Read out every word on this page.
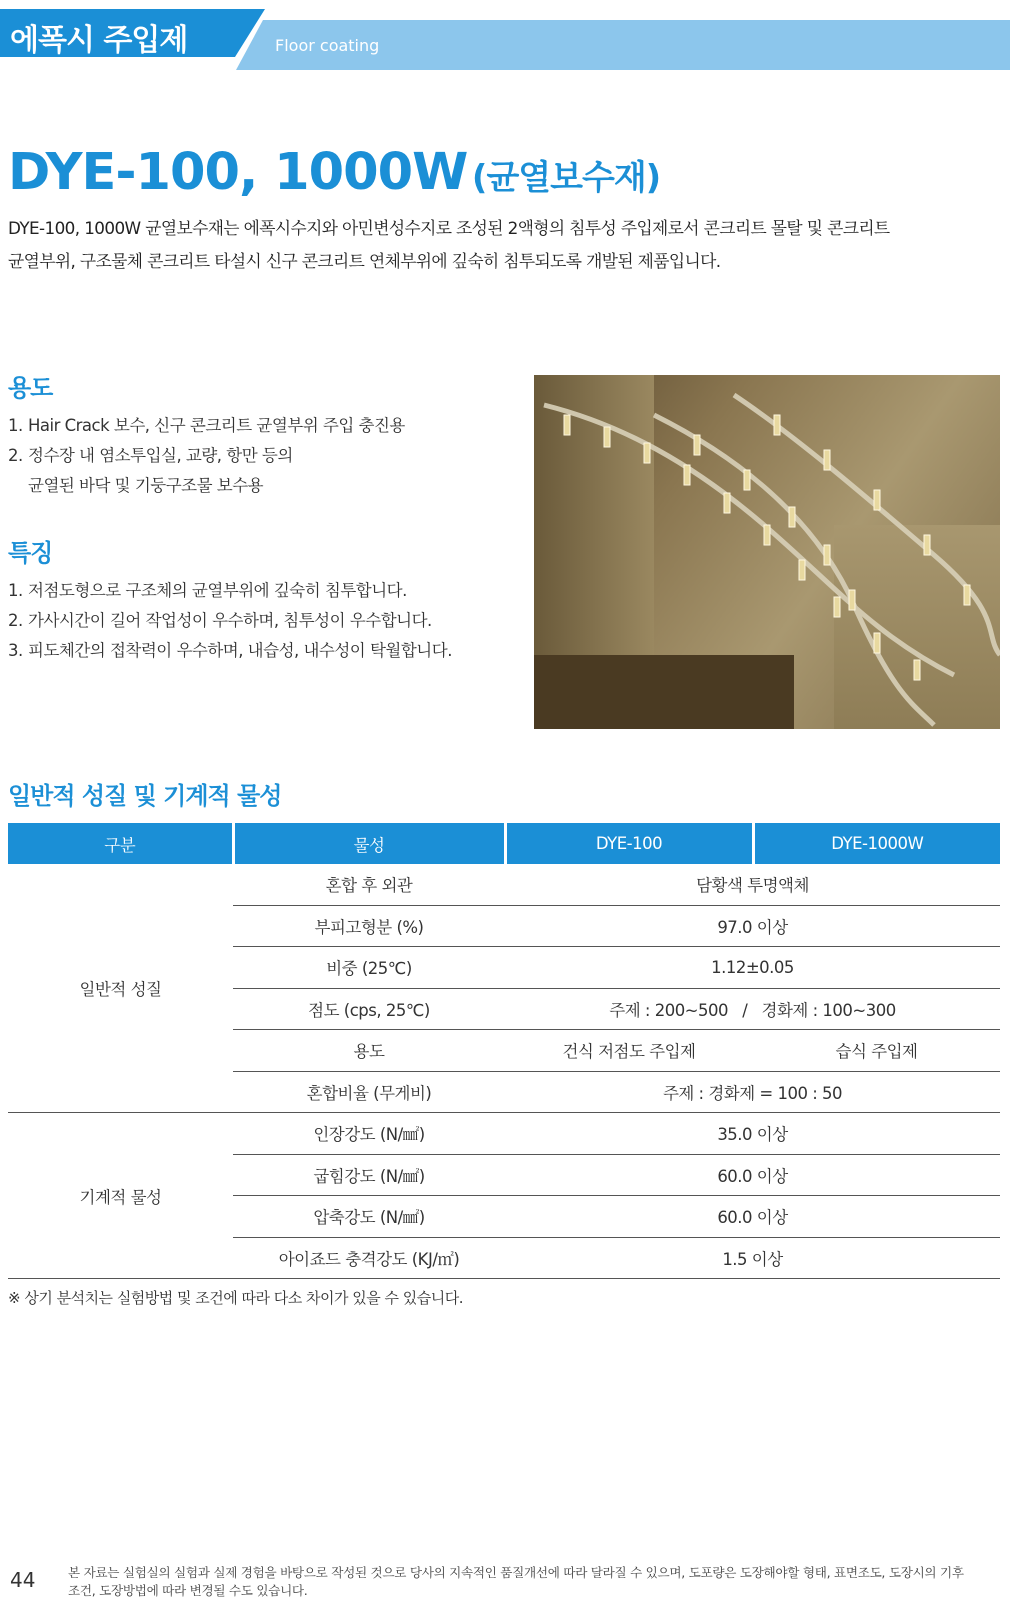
에폭시 주입제	Floor coating
DYE-100, 1000W (균열보수재)
DYE-100, 1000W 균열보수재는 에폭시수지와 아민변성수지로 조성된 2액형의 침투성 주입제로서 콘크리트 몰탈 및 콘크리트
균열부위, 구조물체 콘크리트 타설시 신구 콘크리트 연체부위에 깊숙히 침투되도록 개발된 제품입니다.
용도
1. Hair Crack 보수, 신구 콘크리트 균열부위 주입 충진용
2. 정수장 내 염소투입실, 교량, 항만 등의
균열된 바닥 및 기둥구조물 보수용
특징
1. 저점도형으로 구조체의 균열부위에 깊숙히 침투합니다.
2. 가사시간이 길어 작업성이 우수하며, 침투성이 우수합니다.
3. 피도체간의 접착력이 우수하며, 내습성, 내수성이 탁월합니다.
일반적 성질 및 기계적 물성
구분	물성	DYE-100	DYE-1000W
일반적 성질	혼합 후 외관	담황색 투명액체	
	부피고형분 (%)	97.0 이상	
	비중 (25℃)	1.12±0.05	
	점도 (cps, 25℃)	주제 : 200~500   /   경화제 : 100~300	
	용도	건식 저점도 주입제	습식 주입제
	혼합비율 (무게비)	주제 : 경화제 = 100 : 50	
기계적 물성	인장강도 (N/㎟)	35.0 이상	
	굽힘강도 (N/㎟)	60.0 이상	
	압축강도 (N/㎟)	60.0 이상	
	아이죠드 충격강도 (KJ/㎡)	1.5 이상	
※ 상기 분석치는 실험방법 및 조건에 따라 다소 차이가 있을 수 있습니다.
44	본 자료는 실험실의 실험과 실제 경험을 바탕으로 작성된 것으로 당사의 지속적인 품질개선에 따라 달라질 수 있으며, 도포량은 도장해야할 형태, 표면조도, 도장시의 기후
조건, 도장방법에 따라 변경될 수도 있습니다.
